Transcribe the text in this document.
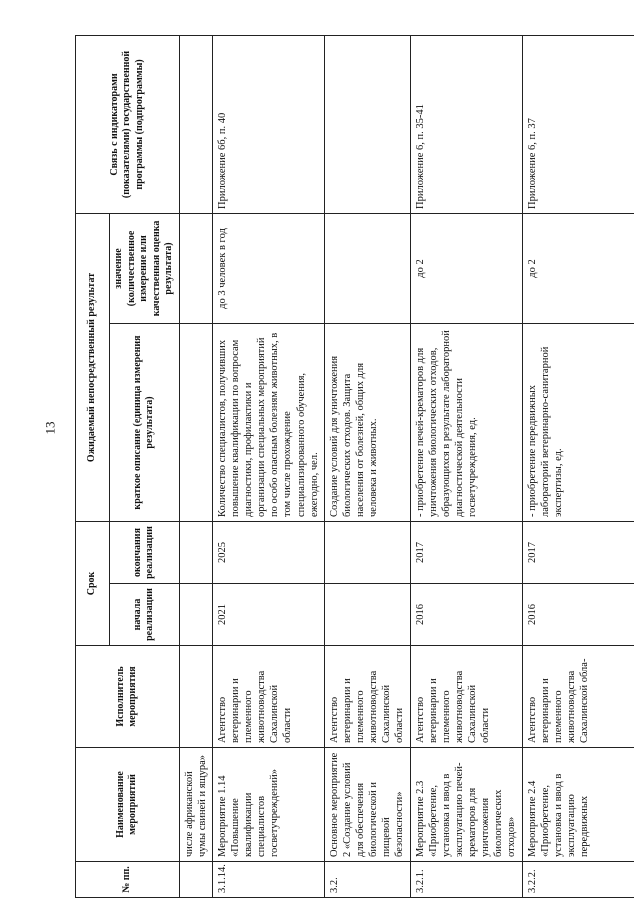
13
№ пп.	Наименование мероприятий	Исполнитель мероприятия	Срок		Ожидаемый непосредственный результат		Связь с индикаторами (показателями) государственной программы (подпрограммы)
			начала реализации	окончания реализации	краткое описание (единица измерения результата)	значение (количественное измерение или качественная оценка результата)	
	числе африканской чумы свиней и ящура»						
3.1.14.	Мероприятие 1.14 «Повышение квалификации специалистов госветучреждений»	Агентство ветеринарии и племенного животноводства Сахалинской области	2021	2025	Количество специалистов, получивших повышение квалификации по вопросам диагностики, профилактики и организации специальных мероприятий по особо опасным болезням животных, в том числе прохождение специализированного обучения, ежегодно, чел.	до 3 человек в год	Приложение 6б, п. 40
3.2.	Основное мероприятие 2 «Создание условий для обеспечения биологической и пищевой безопасности»	Агентство ветеринарии и племенного животноводства Сахалинской области			Создание условий для уничтожения биологических отходов. Защита населения от болезней, общих для человека и животных.		
3.2.1.	Мероприятие 2.3 «Приобретение, установка и ввод в эксплуатацию печей-крематоров для уничтожения биологических отходов»	Агентство ветеринарии и племенного животноводства Сахалинской области	2016	2017	- приобретение печей-крематоров для уничтожения биологических отходов, образующихся в результате лабораторной диагностической деятельности госветучреждения, ед.	до 2	Приложение 6, п. 35-41
3.2.2.	Мероприятие 2.4 «Приобретение, установка и ввод в эксплуатацию передвижных	Агентство ветеринарии и племенного животноводства Сахалинской обла-	2016	2017	- приобретение передвижных лабораторий ветеринарно-санитарной экспертизы, ед.	до 2	Приложение 6, п. 37
